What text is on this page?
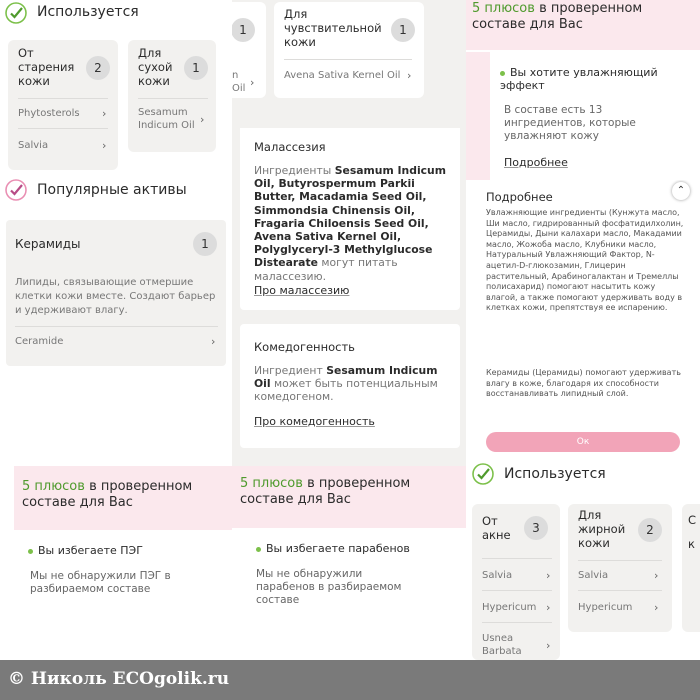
Используется
От старения кожи
2
Phytosterols ›
Salvia	›
Для сухой кожи
1
Sesamum Indicum Oil ›
Популярные активы
Керамиды	1
Липиды, связывающие отмершие клетки кожи вместе. Создают барьер и удерживают влагу.
Ceramide	›
1
n
Oil ›
Для чувствительной кожи
1
Avena Sativa Kernel Oil ›
Малассезия
Ингредиенты Sesamum Indicum Oil, Butyrospermum Parkii Butter, Macadamia Seed Oil, Simmondsia Chinensis Oil, Fragaria Chiloensis Seed Oil, Avena Sativa Kernel Oil, Polyglyceryl-3 Methylglucose Distearate могут питать малассезию.
Про малассезию
Комедогенность
Ингредиент Sesamum Indicum Oil может быть потенциальным комедогеном.
Про комедогенность
5 плюсов в проверенном составе для Вас
Вы хотите увлажняющий эффект
В составе есть 13 ингредиентов, которые увлажняют кожу
Подробнее
Подробнее	⌃
Увлажняющие ингредиенты (Кунжута масло, Ши масло, гидрированный фосфатидилхолин, Церамиды, Дыни калахари масло, Макадамии масло, Жожоба масло, Клубники масло, Натуральный Увлажняющий Фактор, N-ацетил-D-глюкозамин, Глицерин растительный, Арабиногалактан и Тремеллы полисахарид) помогают насытить кожу влагой, а также помогают удерживать воду в клетках кожи, препятствуя ее испарению.
Керамиды (Церамиды) помогают удерживать влагу в коже, благодаря их способности восстанавливать липидный слой.
Ок
Используется
От акне	3
Salvia	›
Hypericum ›
Usnea Barbata	›
Для жирной кожи
2
Salvia	›
Hypericum ›
С
к
5 плюсов в проверенном составе для Вас
Вы избегаете ПЭГ
Мы не обнаружили ПЭГ в разбираемом составе
5 плюсов в проверенном составе для Вас
Вы избегаете парабенов
Мы не обнаружили парабенов в разбираемом составе
© Николь ECOgolik.ru
